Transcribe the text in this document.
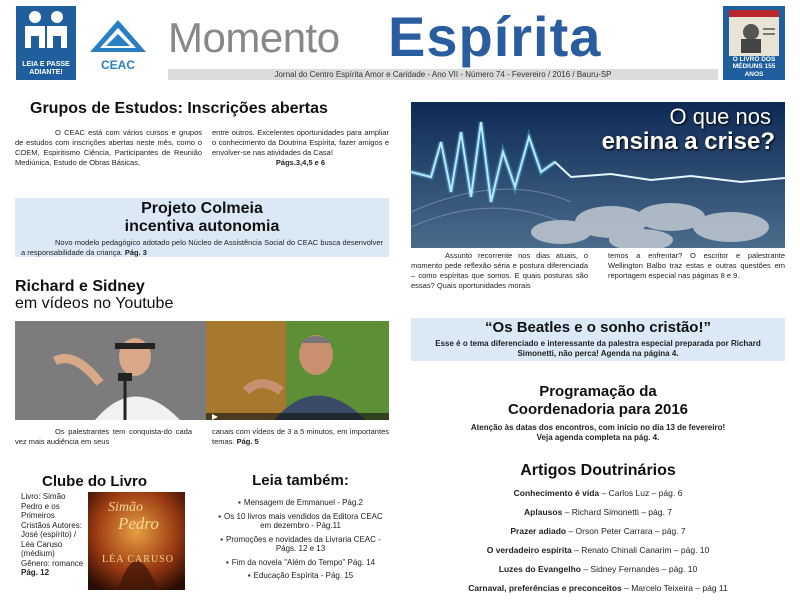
LEIA E PASSE ADIANTE!
CEAC
Momento Espírita	O LIVRO DOS MÉDIUNS 155 ANOS
Jornal do Centro Espírita Amor e Caridade - Ano VII - Número 74 - Fevereiro / 2016 / Bauru-SP
Grupos de Estudos: Inscrições abertas
O CEAC está com vários cursos e grupos de estudos com inscrições abertas neste mês, como o COEM, Espiritismo Ciência, Participantes de Reunião Mediúnica, Estudo de Obras Básicas,
entre outros. Excelentes oportunidades para ampliar o conhecimento da Doutrina Espírita, fazer amigos e envolver-se nas atividades da Casa!
Págs.3,4,5 e 6
Projeto Colmeia
incentiva autonomia
Novo modelo pedagógico adotado pelo Núcleo de Assistência Social do CEAC busca desenvolver a responsabilidade da criança. Pág. 3
Richard e Sidney
em vídeos no Youtube
Os palestrantes tem conquista-do cada vez mais audiência em seus
canais com vídeos de 3 a 5 minutos, em importantes temas. Pág. 5
O que nos
ensina a crise?
Assunto recorrente nos dias atuais, o momento pede reflexão séria e postura diferenciada – como espíritas que somos. E quais posturas são essas? Quais oportunidades morais
temos a enfrentar? O escritor e palestrante Wellington Balbo traz estas e outras questões em reportagem especial nas páginas 8 e 9.
“Os Beatles e o sonho cristão!”
Esse é o tema diferenciado e interessante da palestra especial preparada por Richard Simonetti, não perca! Agenda na página 4.
Programação da
Coordenadoria para 2016
Atenção às datas dos encontros, com início no dia 13 de fevereiro!
Veja agenda completa na pág. 4.
Clube do Livro
Livro: Simão Pedro e os Primeiros Cristãos Autores: José (espírito) / Léa Caruso (médium) Gênero: romance Pág. 12
Simão
Pedro
LÉA CARUSO
Leia também:
▪ Mensagem de Emmanuel - Pág.2
▪ Os 10 livros mais vendidos da Editora CEAC em dezembro - Pág.11
▪ Promoções e novidades da Livraria CEAC - Págs. 12 e 13
▪ Fim da novela "Além do Tempo" Pág. 14
▪ Educação Espírita - Pág. 15
Artigos Doutrinários

Conhecimento é vida – Carlos Luz – pág. 6

Aplausos – Richard Simonetti – pág. 7

Prazer adiado – Orson Peter Carrara – pág. 7

O verdadeiro espírita – Renato Chinali Canarim – pág. 10

Luzes do Evangelho – Sidney Fernandes – pág. 10

Carnaval, preferências e preconceitos – Marcelo Teixeira – pág 11
